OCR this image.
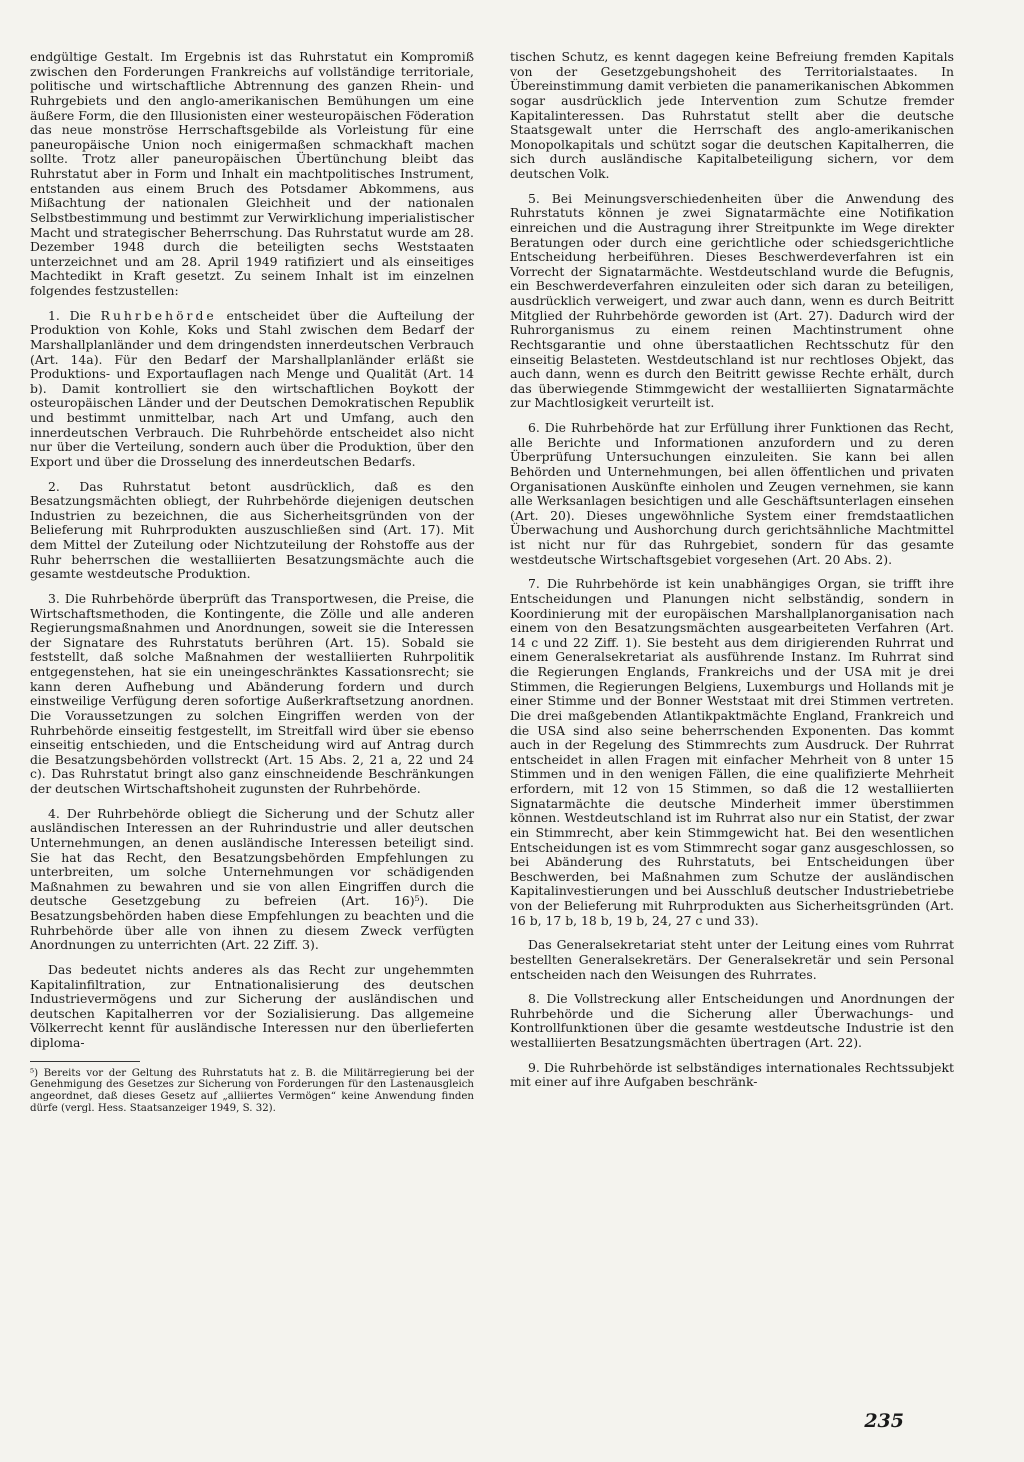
endgültige Gestalt. Im Ergebnis ist das Ruhrstatut ein Kompromiß zwischen den Forderungen Frankreichs auf vollständige territoriale, politische und wirtschaftliche Abtrennung des ganzen Rhein- und Ruhrgebiets und den anglo-amerikanischen Bemühungen um eine äußere Form, die den Illusionisten einer westeuropäischen Föderation das neue monströse Herrschaftsgebilde als Vorleistung für eine paneuropäische Union noch einigermaßen schmackhaft machen sollte. Trotz aller paneuropäischen Übertünchung bleibt das Ruhrstatut aber in Form und Inhalt ein machtpolitisches Instrument, entstanden aus einem Bruch des Potsdamer Abkommens, aus Mißachtung der nationalen Gleichheit und der nationalen Selbstbestimmung und bestimmt zur Verwirklichung imperialistischer Macht und strategischer Beherrschung. Das Ruhrstatut wurde am 28. Dezember 1948 durch die beteiligten sechs Weststaaten unterzeichnet und am 28. April 1949 ratifiziert und als einseitiges Machtedikt in Kraft gesetzt. Zu seinem Inhalt ist im einzelnen folgendes festzustellen:

1. Die Ruhrbehörde entscheidet über die Aufteilung der Produktion von Kohle, Koks und Stahl zwischen dem Bedarf der Marshallplanländer und dem dringendsten innerdeutschen Verbrauch (Art. 14a). Für den Bedarf der Marshallplanländer erläßt sie Produktions- und Exportauflagen nach Menge und Qualität (Art. 14 b). Damit kontrolliert sie den wirtschaftlichen Boykott der osteuropäischen Länder und der Deutschen Demokratischen Republik und bestimmt unmittelbar, nach Art und Umfang, auch den innerdeutschen Verbrauch. Die Ruhrbehörde entscheidet also nicht nur über die Verteilung, sondern auch über die Produktion, über den Export und über die Drosselung des innerdeutschen Bedarfs.

2. Das Ruhrstatut betont ausdrücklich, daß es den Besatzungsmächten obliegt, der Ruhrbehörde diejenigen deutschen Industrien zu bezeichnen, die aus Sicherheitsgründen von der Belieferung mit Ruhrprodukten auszuschließen sind (Art. 17). Mit dem Mittel der Zuteilung oder Nichtzuteilung der Rohstoffe aus der Ruhr beherrschen die westalliierten Besatzungsmächte auch die gesamte westdeutsche Produktion.

3. Die Ruhrbehörde überprüft das Transportwesen, die Preise, die Wirtschaftsmethoden, die Kontingente, die Zölle und alle anderen Regierungsmaßnahmen und Anordnungen, soweit sie die Interessen der Signatare des Ruhrstatuts berühren (Art. 15). Sobald sie feststellt, daß solche Maßnahmen der westalliierten Ruhrpolitik entgegenstehen, hat sie ein uneingeschränktes Kassationsrecht; sie kann deren Aufhebung und Abänderung fordern und durch einstweilige Verfügung deren sofortige Außerkraftsetzung anordnen. Die Voraussetzungen zu solchen Eingriffen werden von der Ruhrbehörde einseitig festgestellt, im Streitfall wird über sie ebenso einseitig entschieden, und die Entscheidung wird auf Antrag durch die Besatzungsbehörden vollstreckt (Art. 15 Abs. 2, 21 a, 22 und 24 c). Das Ruhrstatut bringt also ganz einschneidende Beschränkungen der deutschen Wirtschaftshoheit zugunsten der Ruhrbehörde.

4. Der Ruhrbehörde obliegt die Sicherung und der Schutz aller ausländischen Interessen an der Ruhrindustrie und aller deutschen Unternehmungen, an denen ausländische Interessen beteiligt sind. Sie hat das Recht, den Besatzungsbehörden Empfehlungen zu unterbreiten, um solche Unternehmungen vor schädigenden Maßnahmen zu bewahren und sie von allen Eingriffen durch die deutsche Gesetzgebung zu befreien (Art. 16)⁵). Die Besatzungsbehörden haben diese Empfehlungen zu beachten und die Ruhrbehörde über alle von ihnen zu diesem Zweck verfügten Anordnungen zu unterrichten (Art. 22 Ziff. 3).

Das bedeutet nichts anderes als das Recht zur ungehemmten Kapitalinfiltration, zur Entnationalisierung des deutschen Industrievermögens und zur Sicherung der ausländischen und deutschen Kapitalherren vor der Sozialisierung. Das allgemeine Völkerrecht kennt für ausländische Interessen nur den überlieferten diploma-

⁵) Bereits vor der Geltung des Ruhrstatuts hat z. B. die Militärregierung bei der Genehmigung des Gesetzes zur Sicherung von Forderungen für den Lastenausgleich angeordnet, daß dieses Gesetz auf „alliiertes Vermögen“ keine Anwendung finden dürfe (vergl. Hess. Staatsanzeiger 1949, S. 32).

tischen Schutz, es kennt dagegen keine Befreiung fremden Kapitals von der Gesetzgebungshoheit des Territorialstaates. In Übereinstimmung damit verbieten die panamerikanischen Abkommen sogar ausdrücklich jede Intervention zum Schutze fremder Kapitalinteressen. Das Ruhrstatut stellt aber die deutsche Staatsgewalt unter die Herrschaft des anglo-amerikanischen Monopolkapitals und schützt sogar die deutschen Kapitalherren, die sich durch ausländische Kapitalbeteiligung sichern, vor dem deutschen Volk.

5. Bei Meinungsverschiedenheiten über die Anwendung des Ruhrstatuts können je zwei Signatarmächte eine Notifikation einreichen und die Austragung ihrer Streitpunkte im Wege direkter Beratungen oder durch eine gerichtliche oder schiedsgerichtliche Entscheidung herbeiführen. Dieses Beschwerdeverfahren ist ein Vorrecht der Signatarmächte. Westdeutschland wurde die Befugnis, ein Beschwerdeverfahren einzuleiten oder sich daran zu beteiligen, ausdrücklich verweigert, und zwar auch dann, wenn es durch Beitritt Mitglied der Ruhrbehörde geworden ist (Art. 27). Dadurch wird der Ruhrorganismus zu einem reinen Machtinstrument ohne Rechtsgarantie und ohne überstaatlichen Rechtsschutz für den einseitig Belasteten. Westdeutschland ist nur rechtloses Objekt, das auch dann, wenn es durch den Beitritt gewisse Rechte erhält, durch das überwiegende Stimmgewicht der westalliierten Signatarmächte zur Machtlosigkeit verurteilt ist.

6. Die Ruhrbehörde hat zur Erfüllung ihrer Funktionen das Recht, alle Berichte und Informationen anzufordern und zu deren Überprüfung Untersuchungen einzuleiten. Sie kann bei allen Behörden und Unternehmungen, bei allen öffentlichen und privaten Organisationen Auskünfte einholen und Zeugen vernehmen, sie kann alle Werksanlagen besichtigen und alle Geschäftsunterlagen einsehen (Art. 20). Dieses ungewöhnliche System einer fremdstaatlichen Überwachung und Aushorchung durch gerichtsähnliche Machtmittel ist nicht nur für das Ruhrgebiet, sondern für das gesamte westdeutsche Wirtschaftsgebiet vorgesehen (Art. 20 Abs. 2).

7. Die Ruhrbehörde ist kein unabhängiges Organ, sie trifft ihre Entscheidungen und Planungen nicht selbständig, sondern in Koordinierung mit der europäischen Marshallplanorganisation nach einem von den Besatzungsmächten ausgearbeiteten Verfahren (Art. 14 c und 22 Ziff. 1). Sie besteht aus dem dirigierenden Ruhrrat und einem Generalsekretariat als ausführende Instanz. Im Ruhrrat sind die Regierungen Englands, Frankreichs und der USA mit je drei Stimmen, die Regierungen Belgiens, Luxemburgs und Hollands mit je einer Stimme und der Bonner Weststaat mit drei Stimmen vertreten. Die drei maßgebenden Atlantikpaktmächte England, Frankreich und die USA sind also seine beherrschenden Exponenten. Das kommt auch in der Regelung des Stimmrechts zum Ausdruck. Der Ruhrrat entscheidet in allen Fragen mit einfacher Mehrheit von 8 unter 15 Stimmen und in den wenigen Fällen, die eine qualifizierte Mehrheit erfordern, mit 12 von 15 Stimmen, so daß die 12 westalliierten Signatarmächte die deutsche Minderheit immer überstimmen können. Westdeutschland ist im Ruhrrat also nur ein Statist, der zwar ein Stimmrecht, aber kein Stimmgewicht hat. Bei den wesentlichen Entscheidungen ist es vom Stimmrecht sogar ganz ausgeschlossen, so bei Abänderung des Ruhrstatuts, bei Entscheidungen über Beschwerden, bei Maßnahmen zum Schutze der ausländischen Kapitalinvestierungen und bei Ausschluß deutscher Industriebetriebe von der Belieferung mit Ruhrprodukten aus Sicherheitsgründen (Art. 16 b, 17 b, 18 b, 19 b, 24, 27 c und 33).

Das Generalsekretariat steht unter der Leitung eines vom Ruhrrat bestellten Generalsekretärs. Der Generalsekretär und sein Personal entscheiden nach den Weisungen des Ruhrrates.

8. Die Vollstreckung aller Entscheidungen und Anordnungen der Ruhrbehörde und die Sicherung aller Überwachungs- und Kontrollfunktionen über die gesamte westdeutsche Industrie ist den westalliierten Besatzungsmächten übertragen (Art. 22).

9. Die Ruhrbehörde ist selbständiges internationales Rechtssubjekt mit einer auf ihre Aufgaben beschränk-

235
